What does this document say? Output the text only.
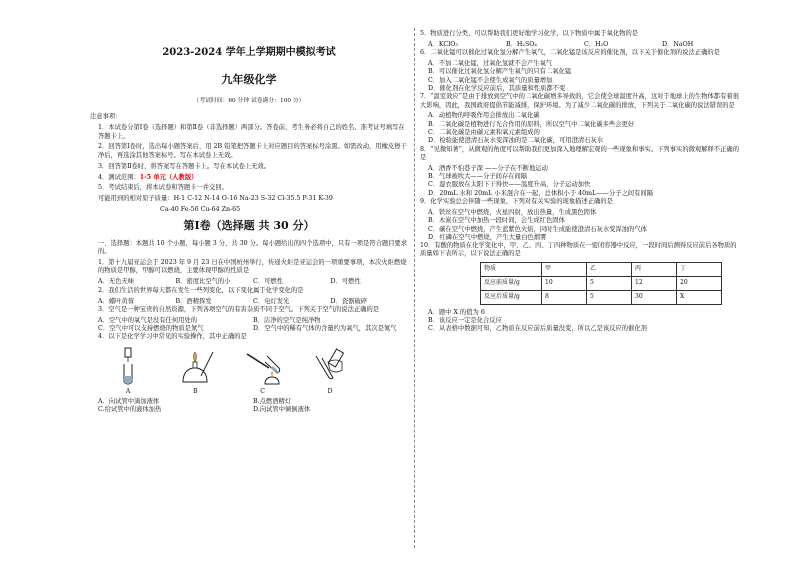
2023-2024 学年上学期期中模拟考试
九年级化学
（考试时间：60 分钟 试卷满分：100 分）
注意事项：
1．本试卷分第Ⅰ卷（选择题）和第Ⅱ卷（非选择题）两部分。答卷前，考生务必将自己的姓名、准考证号填写在答题卡上。
2．回答第Ⅰ卷时，选出每小题答案后，用 2B 铅笔把答题卡上对应题目的答案标号涂黑。如需改动，用橡皮擦干净后，再选涂其他答案标号。写在本试卷上无效。
3．回答第Ⅱ卷时，将答案写在答题卡上。写在本试卷上无效。
4．测试范围：1-5 单元（人教版）
5．考试结束后，将本试卷和答题卡一并交回。
可能用到的相对原子质量：H-1 C-12 N-14 O-16 Na-23 S-32 Cl-35.5 P-31 K-39
Ca-40 Fe-56 Cu-64 Zn-65
第Ⅰ卷（选择题 共 30 分）
一、选择题：本题共 10 个小题，每小题 3 分，共 30 分。每小题给出的四个选项中，只有一项是符合题目要求的。
1．第十九届亚运会于 2023 年 9 月 23 日在中国杭州举行，传递火炬是亚运会的一项重要事项，本次火炬燃烧的物质是甲醇，甲醇可以燃烧，主要体现甲醇的性质是
A．无色无味	B．密度比空气的小	C．可燃性	D．可燃性
2．我们生活的世界每天都在发生一些列变化，以下变化属于化学变化的是
A．蜡叶黄蓉	B．酒精挥发	C．电灯发光	D．瓷器破碎
3．空气是一种宝贵的自然资源，下列各项空气的有害杂质不同于空气。下列关于空气的说法正确的是
A．空气中的氧气是没有任何用处的	B．洁净的空气是纯净物
C．空气中可以支持燃烧的物质是氮气	D．空气中的稀有气体的含量约为氧气，其次是氮气
4．以下是化学学习中常见的实验操作，其中正确的是
A	B	C	D
A．向试管中滴加液体	B.点燃酒精灯
C.给试管中的液体加热	D.向试管中倾倒液体
5．物质进行分类，可以帮助我们更好地学习化学，以下物质中属于氧化物的是
A．KClO₃	B．H₂SO₄	C．H₂O	D．NaOH
6．二氧化锰可以催化过氧化氢分解产生氧气，二氧化锰是该反应的催化剂，以下关于催化剂的说法正确的是
A．不加二氧化锰，过氧化氢就不会产生氧气
B．可以催化过氧化氢分解产生氧气的只有二氧化锰
C．加入二氧化锰不会使生成氧气的质量增加
D．催化剂在化学反应前后，其质量和性质都不变
7．“温室效应”是由于排放到空气中的二氧化碳增多导致的，它会使全球温度升高，这对于地球上的生物体都有着很大影响，因此，我国政府提倡节能减排，保护环境。为了减少二氧化碳的排放，下列关于二氧化碳的说法错误的是
A．动植物的呼吸作用会排放出二氧化碳
B．二氧化碳是植物进行光合作用的原料，所以空气中二氧化碳多些会更好
C．二氧化碳是由碳元素和氧元素组成的
D．检验能使澄清石灰水变浑浊的是二氧化碳，可用澄清石灰水
8．“见微知著”，从微观的角度可以帮助我们更加深入地理解宏观的一些现象和事实。下列事实的微观解释不正确的是
A．酒香不怕巷子深 ——分子在不断地运动
B．气球被吹大——分子间存在间隔
C．湿衣服放在太阳下干得快——温度升高，分子运动加快
D．20mL 水和 20mL 小米混合在一起，总体积小于 40mL——分子之间有间隔
9．化学实验总会伴随一些现象，下列对有关实验的现象描述正确的是
A．铁丝在空气中燃烧，火星四射，放出热量，生成黑色固体
B．木炭在空气中加热一段时间，会生成红色固体
C．碳在空气中燃烧，产生蓝紫色火焰，同时生成能使澄清石灰水变浑浊的气体
D．红磷在空气中燃烧，产生大量白色烟雾
10．有酸的物质在化学变化中，甲、乙、丙、丁四种物质在一密闭容器中反应，一段时间后测得反应前后各物质的质量如下表所示，以下说法正确的是
物质	甲	乙	丙	丁
反应前质量/g	10	5	12	20
反应后质量/g	8	5	30	X
A．题中 X 的值为 6
B．该反应一定是化合反应
C．从表格中数据可知，乙物质在反应前后质量没变，所以乙是该反应的催化剂
